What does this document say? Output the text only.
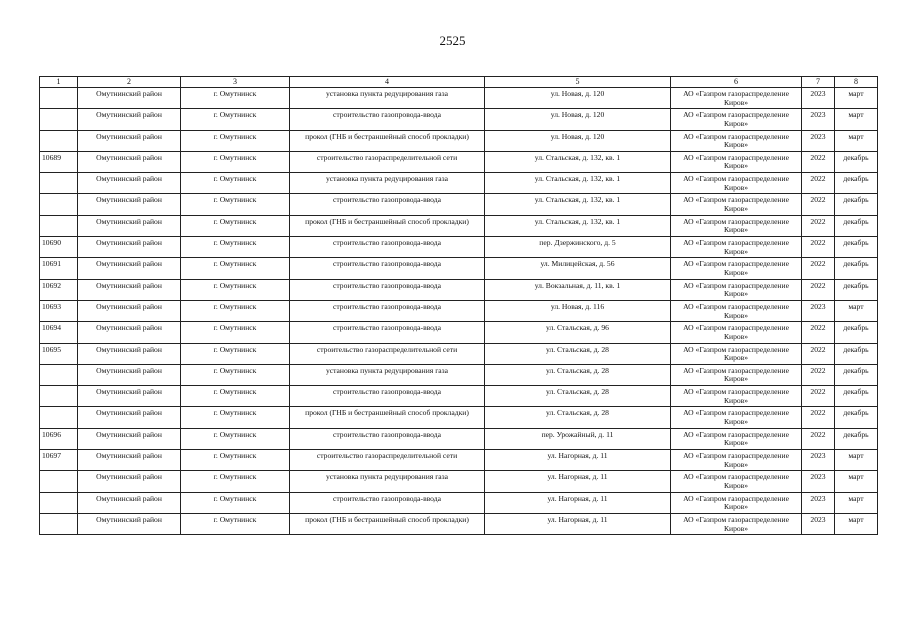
2525
1	2	3	4	5	6	7	8
	Омутнинский район	г. Омутнинск	установка пункта редуцирования газа	ул. Новая, д. 120	АО «Газпром газораспределение Киров»	2023	март
	Омутнинский район	г. Омутнинск	строительство газопровода-ввода	ул. Новая, д. 120	АО «Газпром газораспределение Киров»	2023	март
	Омутнинский район	г. Омутнинск	прокол (ГНБ и бестраншейный способ прокладки)	ул. Новая, д. 120	АО «Газпром газораспределение Киров»	2023	март
10689	Омутнинский район	г. Омутнинск	строительство газораспределительной сети	ул. Стальская, д. 132, кв. 1	АО «Газпром газораспределение Киров»	2022	декабрь
	Омутнинский район	г. Омутнинск	установка пункта редуцирования газа	ул. Стальская, д. 132, кв. 1	АО «Газпром газораспределение Киров»	2022	декабрь
	Омутнинский район	г. Омутнинск	строительство газопровода-ввода	ул. Стальская, д. 132, кв. 1	АО «Газпром газораспределение Киров»	2022	декабрь
	Омутнинский район	г. Омутнинск	прокол (ГНБ и бестраншейный способ прокладки)	ул. Стальская, д. 132, кв. 1	АО «Газпром газораспределение Киров»	2022	декабрь
10690	Омутнинский район	г. Омутнинск	строительство газопровода-ввода	пер. Дзержинского, д. 5	АО «Газпром газораспределение Киров»	2022	декабрь
10691	Омутнинский район	г. Омутнинск	строительство газопровода-ввода	ул. Милицейская, д. 56	АО «Газпром газораспределение Киров»	2022	декабрь
10692	Омутнинский район	г. Омутнинск	строительство газопровода-ввода	ул. Вокзальная, д. 11, кв. 1	АО «Газпром газораспределение Киров»	2022	декабрь
10693	Омутнинский район	г. Омутнинск	строительство газопровода-ввода	ул. Новая, д. 116	АО «Газпром газораспределение Киров»	2023	март
10694	Омутнинский район	г. Омутнинск	строительство газопровода-ввода	ул. Стальская, д. 96	АО «Газпром газораспределение Киров»	2022	декабрь
10695	Омутнинский район	г. Омутнинск	строительство газораспределительной сети	ул. Стальская, д. 28	АО «Газпром газораспределение Киров»	2022	декабрь
	Омутнинский район	г. Омутнинск	установка пункта редуцирования газа	ул. Стальская, д. 28	АО «Газпром газораспределение Киров»	2022	декабрь
	Омутнинский район	г. Омутнинск	строительство газопровода-ввода	ул. Стальская, д. 28	АО «Газпром газораспределение Киров»	2022	декабрь
	Омутнинский район	г. Омутнинск	прокол (ГНБ и бестраншейный способ прокладки)	ул. Стальская, д. 28	АО «Газпром газораспределение Киров»	2022	декабрь
10696	Омутнинский район	г. Омутнинск	строительство газопровода-ввода	пер. Урожайный, д. 11	АО «Газпром газораспределение Киров»	2022	декабрь
10697	Омутнинский район	г. Омутнинск	строительство газораспределительной сети	ул. Нагорная, д. 11	АО «Газпром газораспределение Киров»	2023	март
	Омутнинский район	г. Омутнинск	установка пункта редуцирования газа	ул. Нагорная, д. 11	АО «Газпром газораспределение Киров»	2023	март
	Омутнинский район	г. Омутнинск	строительство газопровода-ввода	ул. Нагорная, д. 11	АО «Газпром газораспределение Киров»	2023	март
	Омутнинский район	г. Омутнинск	прокол (ГНБ и бестраншейный способ прокладки)	ул. Нагорная, д. 11	АО «Газпром газораспределение Киров»	2023	март
